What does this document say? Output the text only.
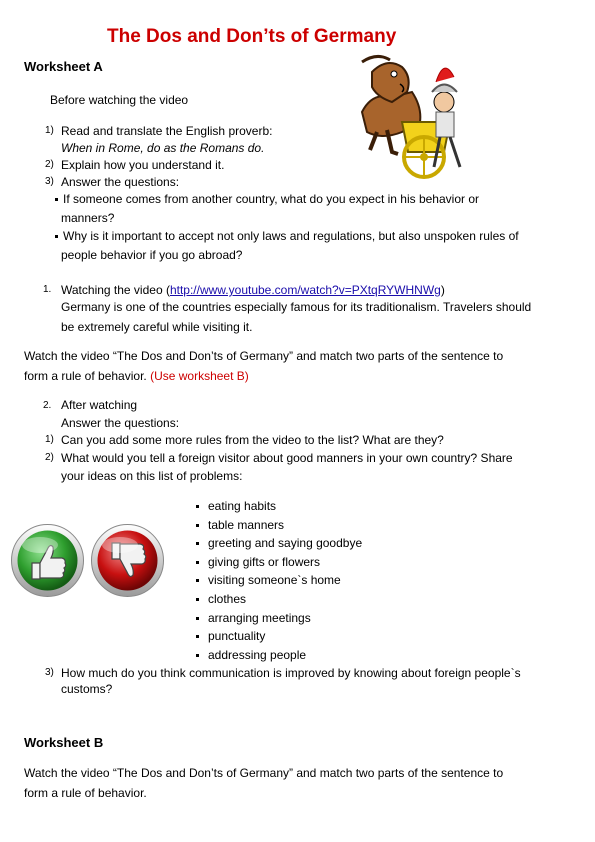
The Dos and Don’ts of Germany
Worksheet A
Before watching the video
1) Read and translate the English proverb:
When in Rome, do as the Romans do.
2) Explain how you understand it.
3) Answer the questions:
If someone comes from another country, what do you expect in his behavior or
manners?
Why is it important to accept not only laws and regulations, but also unspoken rules of
people behavior if you go abroad?
1. Watching the video (http://www.youtube.com/watch?v=PXtqRYWHNWg)
Germany is one of the countries especially famous for its traditionalism. Travelers should
be extremely careful while visiting it.
Watch the video “The Dos and Don’ts of Germany” and match two parts of the sentence to
form a rule of behavior. (Use worksheet B)
2. After watching
Answer the questions:
1) Can you add some more rules from the video to the list? What are they?
2) What would you tell a foreign visitor about good manners in your own country? Share
your ideas on this list of problems:
eating habits
table manners
greeting and saying goodbye
giving gifts or flowers
visiting someone`s home
clothes
arranging meetings
punctuality
addressing people
3) How much do you think communication is improved by knowing about foreign people`s
customs?
Worksheet B
Watch the video “The Dos and Don’ts of Germany” and match two parts of the sentence to
form a rule of behavior.
